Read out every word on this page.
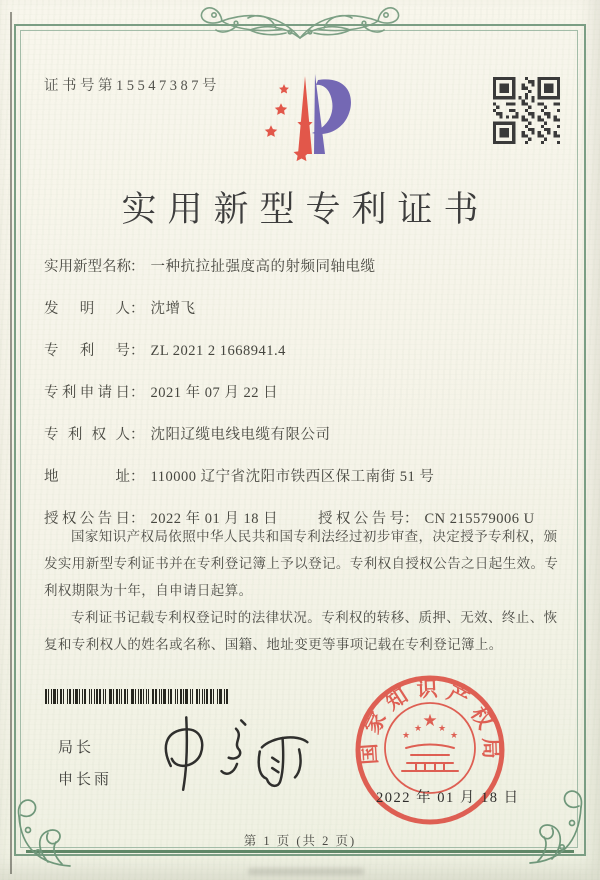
证书号第15547387号
实用新型专利证书
实用新型名称 ： 一种抗拉扯强度高的射频同轴电缆
发明人 ： 沈增飞
专利号 ： ZL 2021 2 1668941.4
专利申请日 ： 2021 年 07 月 22 日
专利权人 ： 沈阳辽缆电线电缆有限公司
地址 ： 110000 辽宁省沈阳市铁西区保工南街 51 号
授权公告日 ： 2022 年 01 月 18 日	授权公告号 ： CN 215579006 U

国家知识产权局依照中华人民共和国专利法经过初步审查，决定授予专利权，颁发实用新型专利证书并在专利登记簿上予以登记。专利权自授权公告之日起生效。专利权期限为十年，自申请日起算。

专利证书记载专利权登记时的法律状况。专利权的转移、质押、无效、终止、恢复和专利权人的姓名或名称、国籍、地址变更等事项记载在专利登记簿上。

局长
申长雨
国家知识产权局
★
★
★ ★
★
2022 年 01 月 18 日
第 1 页 (共 2 页)
